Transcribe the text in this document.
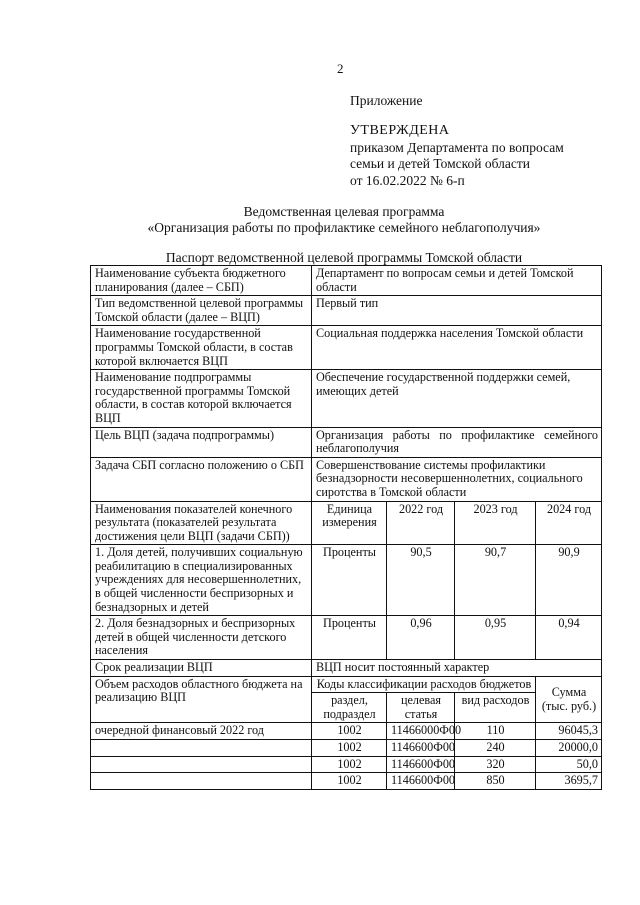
2
Приложение
УТВЕРЖДЕНА
приказом Департамента по вопросам
семьи и детей Томской области
от 16.02.2022 № 6-п
Ведомственная целевая программа
«Организация работы по профилактике семейного неблагополучия»
Паспорт ведомственной целевой программы Томской области
Наименование субъекта бюджетного планирования (далее – СБП)	Департамент по вопросам семьи и детей Томской области			
Тип ведомственной целевой программы Томской области (далее – ВЦП)	Первый тип			
Наименование государственной программы Томской области, в состав которой включается ВЦП	Социальная поддержка населения Томской области			
Наименование подпрограммы государственной программы Томской области, в состав которой включается ВЦП	Обеспечение государственной поддержки семей, имеющих детей			
Цель ВЦП (задача подпрограммы)	Организация работы по профилактике семейного неблагополучия			
Задача СБП согласно положению о СБП	Совершенствование системы профилактики безнадзорности несовершеннолетних, социального сиротства в Томской области			
Наименования показателей конечного результата (показателей результата достижения цели ВЦП (задачи СБП))	Единица измерения	2022 год	2023 год	2024 год
1. Доля детей, получивших социальную реабилитацию в специализированных учреждениях для несовершеннолетних, в общей численности беспризорных и безнадзорных и детей	Проценты	90,5	90,7	90,9
2. Доля безнадзорных и беспризорных детей в общей численности детского населения	Проценты	0,96	0,95	0,94
Срок реализации ВЦП	ВЦП носит постоянный характер			
Объем расходов областного бюджета на реализацию ВЦП	Коды классификации расходов бюджетов			Сумма (тыс. руб.)
	раздел, подраздел	целевая статья	вид расходов	
очередной финансовый 2022 год	1002	11466000Ф00	110	96045,3
	1002	1146600Ф00	240	20000,0
	1002	1146600Ф00	320	50,0
	1002	1146600Ф00	850	3695,7
